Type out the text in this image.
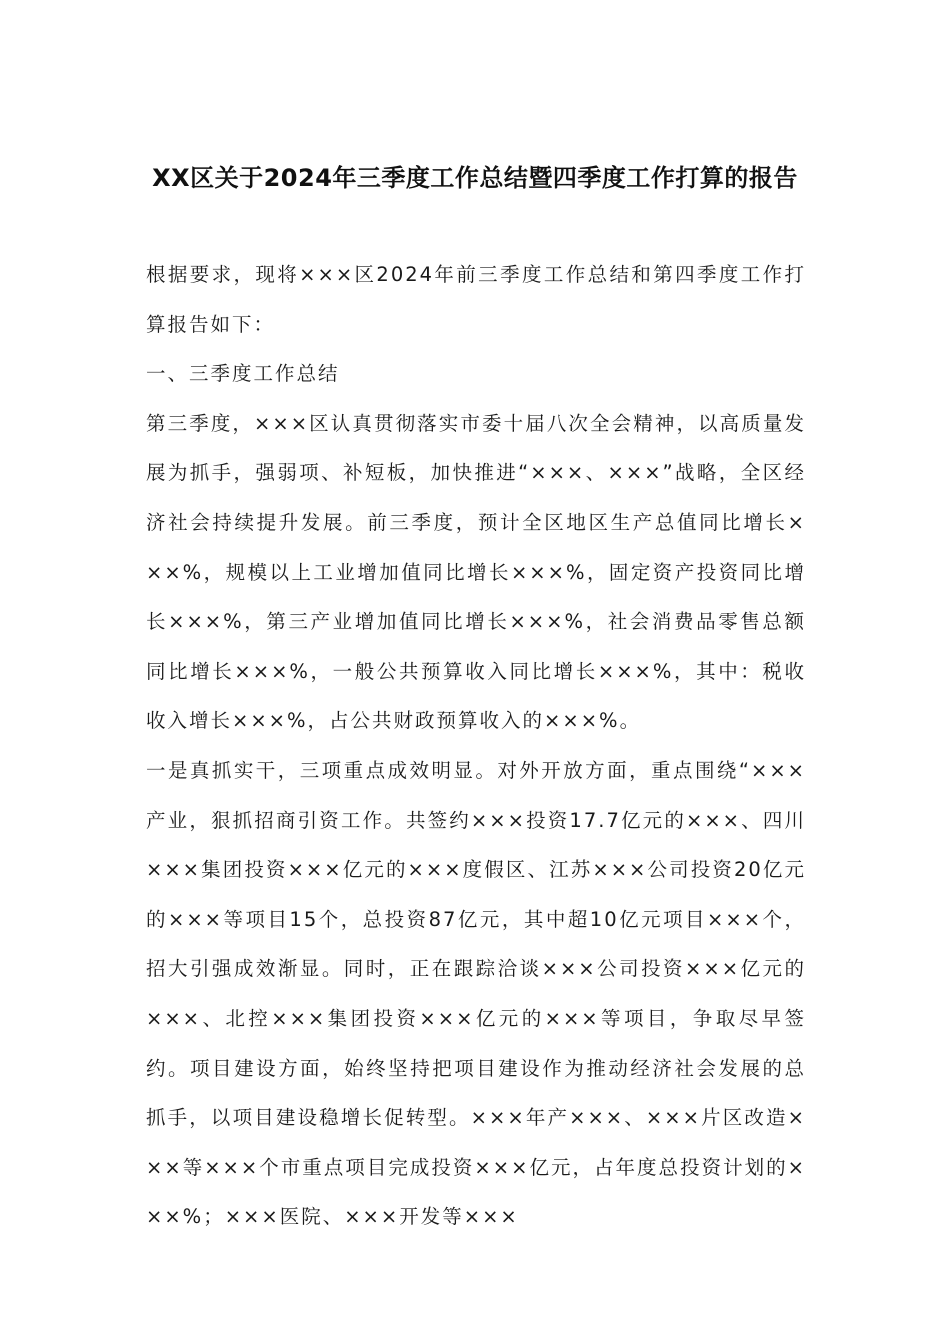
XX区关于2024年三季度工作总结暨四季度工作打算的报告

根据要求，现将×××区2024年前三季度工作总结和第四季度工作打算报告如下：

一、三季度工作总结

第三季度，×××区认真贯彻落实市委十届八次全会精神，以高质量发展为抓手，强弱项、补短板，加快推进“×××、×××”战略，全区经济社会持续提升发展。前三季度，预计全区地区生产总值同比增长×××%，规模以上工业增加值同比增长×××%，固定资产投资同比增长×××%，第三产业增加值同比增长×××%，社会消费品零售总额同比增长×××%，一般公共预算收入同比增长×××%，其中：税收收入增长×××%，占公共财政预算收入的×××%。

一是真抓实干，三项重点成效明显。对外开放方面，重点围绕“×××产业，狠抓招商引资工作。共签约×××投资17.7亿元的×××、四川×××集团投资×××亿元的×××度假区、江苏×××公司投资20亿元的×××等项目15个，总投资87亿元，其中超10亿元项目×××个，招大引强成效渐显。同时，正在跟踪洽谈×××公司投资×××亿元的×××、北控×××集团投资×××亿元的×××等项目，争取尽早签约。项目建设方面，始终坚持把项目建设作为推动经济社会发展的总抓手，以项目建设稳增长促转型。×××年产×××、×××片区改造×××等×××个市重点项目完成投资×××亿元，占年度总投资计划的×××%；×××医院、×××开发等×××
